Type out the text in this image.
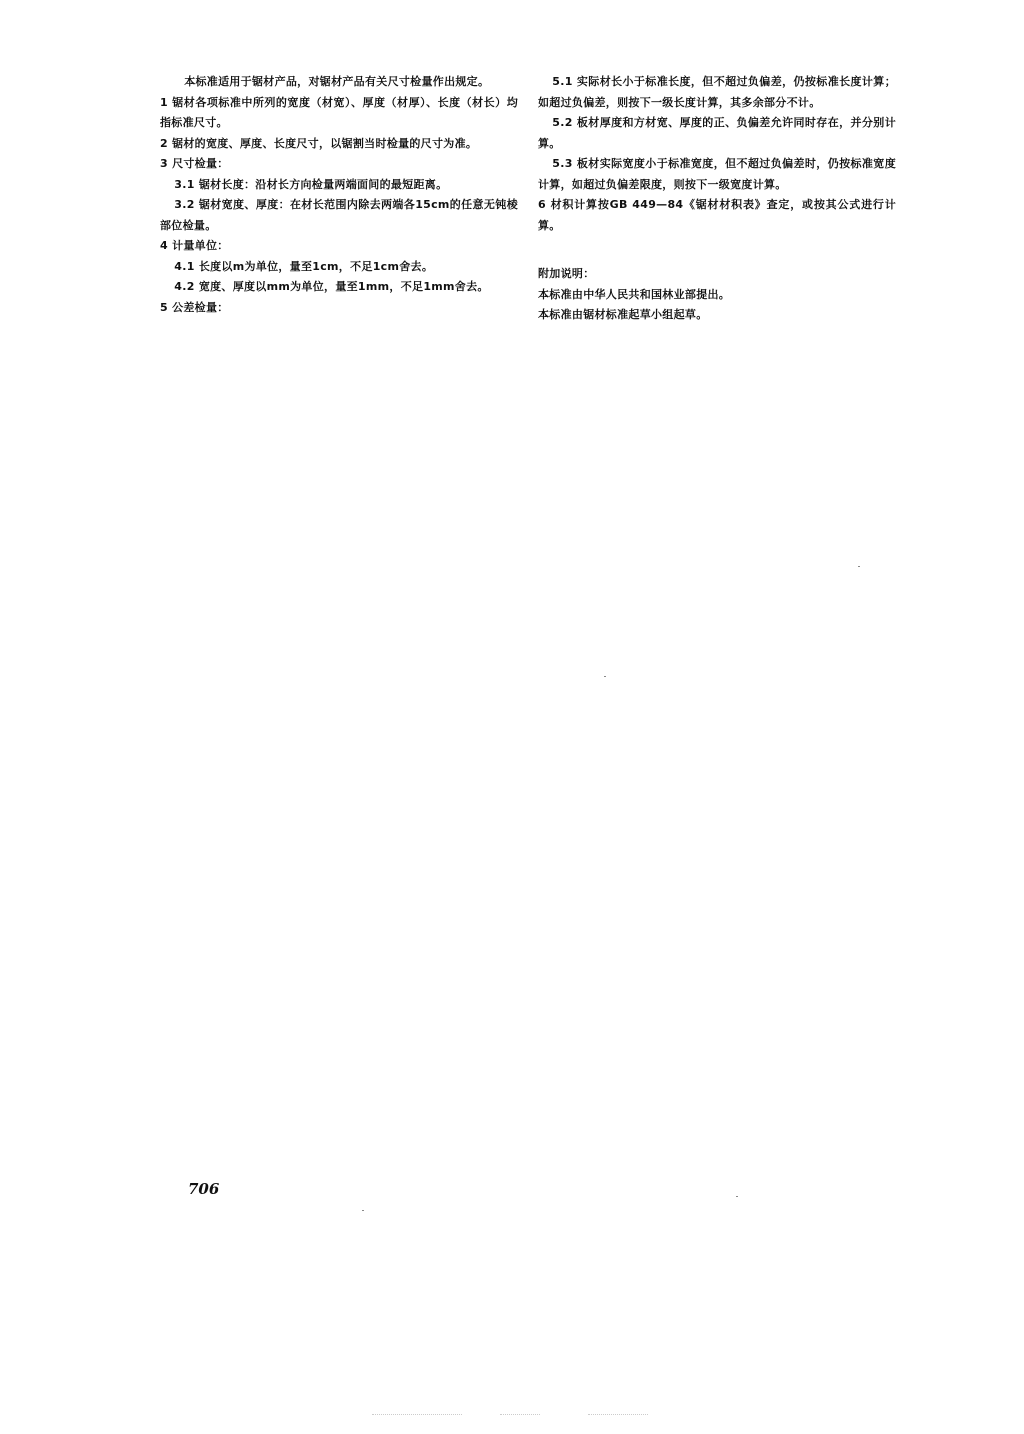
本标准适用于锯材产品，对锯材产品有关尺寸检量作出规定。

1 锯材各项标准中所列的宽度（材宽）、厚度（材厚）、长度（材长）均指标准尺寸。

2 锯材的宽度、厚度、长度尺寸，以锯割当时检量的尺寸为准。

3 尺寸检量：

3.1 锯材长度：沿材长方向检量两端面间的最短距离。

3.2 锯材宽度、厚度：在材长范围内除去两端各15cm的任意无钝棱部位检量。

4 计量单位：

4.1 长度以m为单位，量至1cm，不足1cm舍去。

4.2 宽度、厚度以mm为单位，量至1mm，不足1mm舍去。

5 公差检量：

5.1 实际材长小于标准长度，但不超过负偏差，仍按标准长度计算；如超过负偏差，则按下一级长度计算，其多余部分不计。

5.2 板材厚度和方材宽、厚度的正、负偏差允许同时存在，并分别计算。

5.3 板材实际宽度小于标准宽度，但不超过负偏差时，仍按标准宽度计算，如超过负偏差限度，则按下一级宽度计算。

6 材积计算按GB 449—84《锯材材积表》查定，或按其公式进行计算。

附加说明：

本标准由中华人民共和国林业部提出。

本标准由锯材标准起草小组起草。

706
